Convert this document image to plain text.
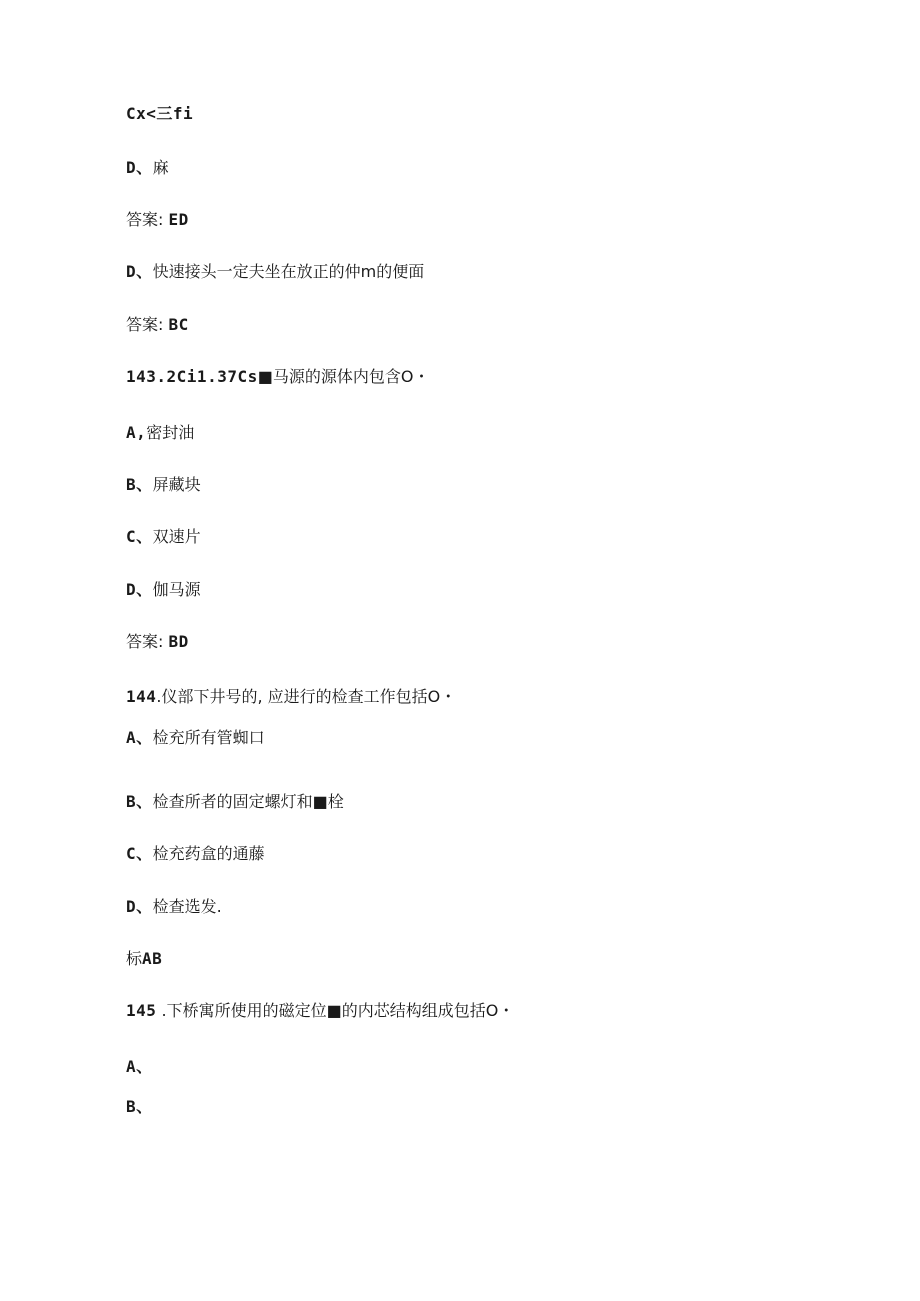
Cx<三fi
D、麻
答案: ED
D、快速接头一定夫坐在放正的仲m的便面
答案: BC
143.2Ci1.37Cs■马源的源体内包含O・
A,密封油
B、屏藏块
C、双速片
D、伽马源
答案: BD
144.仪部下井号的, 应进行的检查工作包括O・
A、检充所有管蜘口
B、检查所者的固定螺灯和■栓
C、检充药盒的通藤
D、检查选发.
标AB
145 .下桥寓所使用的磁定位■的内芯结构组成包括O・
A、
B、
